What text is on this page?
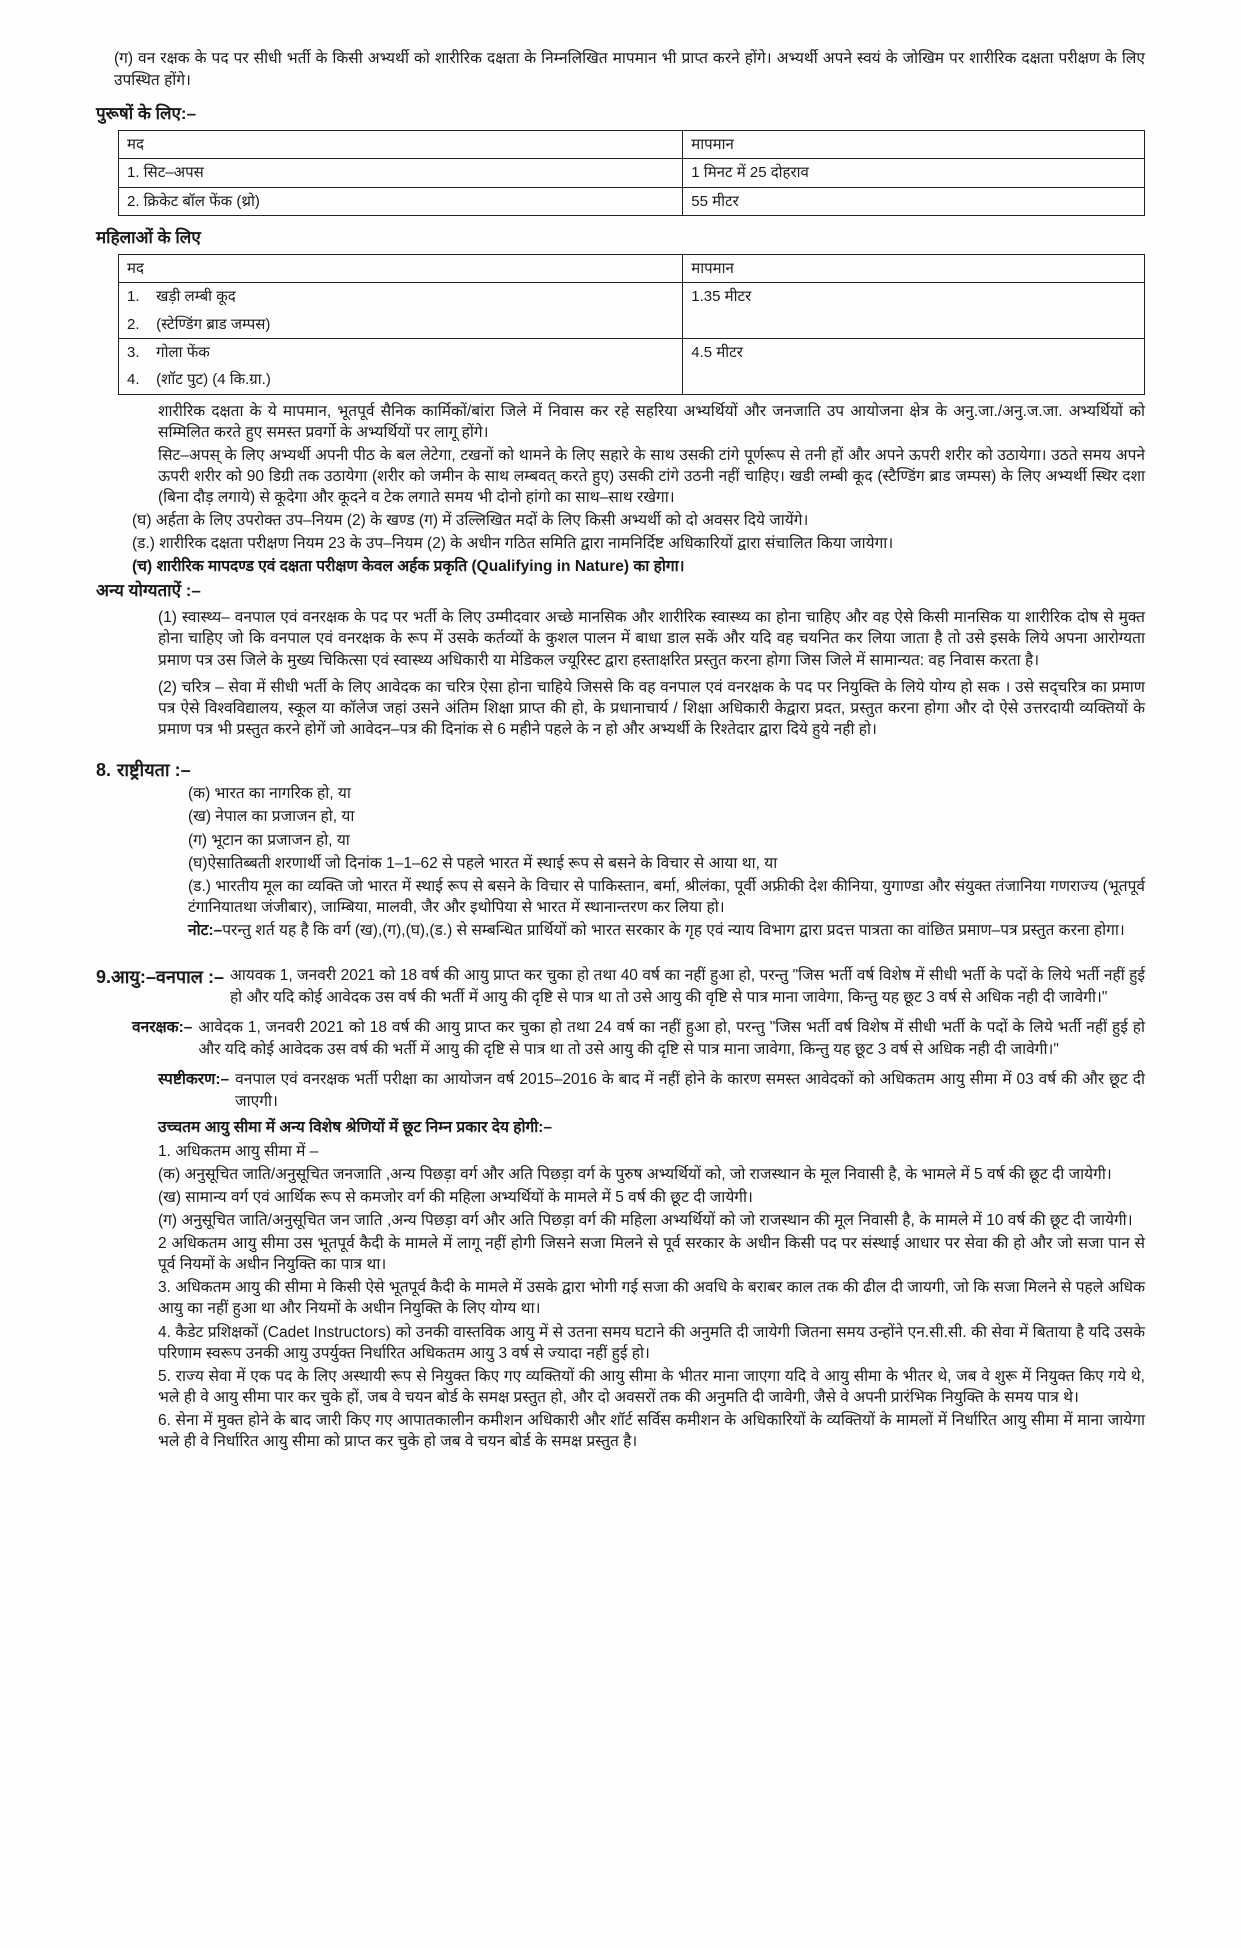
(ग) वन रक्षक के पद पर सीधी भर्ती के किसी अभ्यर्थी को शारीरिक दक्षता के निम्नलिखित मापमान भी प्राप्त करने होंगे। अभ्यर्थी अपने स्वयं के जोखिम पर शारीरिक दक्षता परीक्षण के लिए उपस्थित होंगे।

पुरूषों के लिए:–
मद	मापमान
1. सिट–अपस	1 मिनट में 25 दोहराव
2. क्रिकेट बॉल फेंक (थ्रो)	55 मीटर
महिलाओं के लिए
मद	मापमान
1.    खड़ी लम्बी कूद	1.35 मीटर
2.    (स्टेण्डिंग ब्राड जम्पस)	
3.    गोला फेंक	4.5 मीटर
4.    (शॉट पुट) (4 कि.ग्रा.)	

शारीरिक दक्षता के ये मापमान, भूतपूर्व सैनिक कार्मिकों/बांरा जिले में निवास कर रहे सहरिया अभ्यर्थियों और जनजाति उप आयोजना क्षेत्र के अनु.जा./अनु.ज.जा. अभ्यर्थियों को सम्मिलित करते हुए समस्त प्रवर्गो के अभ्यर्थियों पर लागू होंगे।

सिट–अपस् के लिए अभ्यर्थी अपनी पीठ के बल लेटेगा, टखनों को थामने के लिए सहारे के साथ उसकी टांगे पूर्णरूप से तनी हों और अपने ऊपरी शरीर को उठायेगा। उठते समय अपने ऊपरी शरीर को 90 डिग्री तक उठायेगा (शरीर को जमीन के साथ लम्बवत् करते हुए) उसकी टांगे उठनी नहीं चाहिए। खडी लम्बी कूद (स्टैण्डिंग ब्राड जम्पस) के लिए अभ्यर्थी स्थिर दशा (बिना दौड़ लगाये) से कूदेगा और कूदने व टेक लगाते समय भी दोनो हांगो का साथ–साथ रखेगा।

(घ) अर्हता के लिए उपरोक्त उप–नियम (2) के खण्ड (ग) में उल्लिखित मदों के लिए किसी अभ्यर्थी को दो अवसर दिये जायेंगे।

(ड.) शारीरिक दक्षता परीक्षण नियम 23 के उप–नियम (2) के अधीन गठित समिति द्वारा नामनिर्दिष्ट अधिकारियों द्वारा संचालित किया जायेगा।

(च) शारीरिक मापदण्ड एवं दक्षता परीक्षण केवल अर्हक प्रकृति (Qualifying in Nature) का होगा।

अन्य योग्यताऐं :–

(1) स्वास्थ्य– वनपाल एवं वनरक्षक के पद पर भर्ती के लिए उम्मीदवार अच्छे मानसिक और शारीरिक स्वास्थ्य का होना चाहिए और वह ऐसे किसी मानसिक या शारीरिक दोष से मुक्त होना चाहिए जो कि वनपाल एवं वनरक्षक के रूप में उसके कर्तव्यों के कुशल पालन में बाधा डाल सकें और यदि वह चयनित कर लिया जाता है तो उसे इसके लिये अपना आरोग्यता प्रमाण पत्र उस जिले के मुख्य चिकित्सा एवं स्वास्थ्य अधिकारी या मेडिकल ज्यूरिस्ट द्वारा हस्ताक्षरित प्रस्तुत करना होगा जिस जिले में सामान्यत: वह निवास करता है।

(2) चरित्र – सेवा में सीधी भर्ती के लिए आवेदक का चरित्र ऐसा होना चाहिये जिससे कि वह वनपाल एवं वनरक्षक के पद पर नियुक्ति के लिये योग्य हो सक । उसे सद्चरित्र का प्रमाण पत्र ऐसे विश्वविद्यालय, स्कूल या कॉलेज जहां उसने अंतिम शिक्षा प्राप्त की हो, के प्रधानाचार्य / शिक्षा अधिकारी केद्वारा प्रदत, प्रस्तुत करना होगा और दो ऐसे उत्तरदायी व्यक्तियों के प्रमाण पत्र भी प्रस्तुत करने होगें जो आवेदन–पत्र की दिनांक से 6 महीने पहले के न हो और अभ्यर्थी के रिश्तेदार द्वारा दिये हुये नही हो।

8. राष्ट्रीयता :–

(क) भारत का नागरिक हो, या

(ख) नेपाल का प्रजाजन हो, या

(ग) भूटान का प्रजाजन हो, या

(घ)ऐसातिब्बती शरणार्थी जो दिनांक 1–1–62 से पहले भारत में स्थाई रूप से बसने के विचार से आया था, या

(ड.) भारतीय मूल का व्यक्ति जो भारत में स्थाई रूप से बसने के विचार से पाकिस्तान, बर्मा, श्रीलंका, पूर्वी अफ्रीकी देश कीनिया, युगाण्डा और संयुक्त तंजानिया गणराज्य (भूतपूर्व टंगानियातथा जंजीबार), जाम्बिया, मालवी, जैर और इथोपिया से भारत में स्थानान्तरण कर लिया हो।

नोट:–परन्तु शर्त यह है कि वर्ग (ख),(ग),(घ),(ड.) से सम्बन्धित प्रार्थियों को भारत सरकार के गृह एवं न्याय विभाग द्वारा प्रदत्त पात्रता का वांछित प्रमाण–पत्र प्रस्तुत करना होगा।

9. आयु:–वनपाल :– आयवक 1, जनवरी 2021 को 18 वर्ष की आयु प्राप्त कर चुका हो तथा 40 वर्ष का नहीं हुआ हो, परन्तु "जिस भर्ती वर्ष विशेष में सीधी भर्ती के पदों के लिये भर्ती नहीं हुई हो और यदि कोई आवेदक उस वर्ष की भर्ती में आयु की दृष्टि से पात्र था तो उसे आयु की वृष्टि से पात्र माना जावेगा, किन्तु यह छूट 3 वर्ष से अधिक नही दी जावेगी।"
वनरक्षक:– आवेदक 1, जनवरी 2021 को 18 वर्ष की आयु प्राप्त कर चुका हो तथा 24 वर्ष का नहीं हुआ हो, परन्तु "जिस भर्ती वर्ष विशेष में सीधी भर्ती के पदों के लिये भर्ती नहीं हुई हो और यदि कोई आवेदक उस वर्ष की भर्ती में आयु की दृष्टि से पात्र था तो उसे आयु की दृष्टि से पात्र माना जावेगा, किन्तु यह छूट 3 वर्ष से अधिक नही दी जावेगी।"
स्पष्टीकरण:– वनपाल एवं वनरक्षक भर्ती परीक्षा का आयोजन वर्ष 2015–2016 के बाद में नहीं होने के कारण समस्त आवेदकों को अधिकतम आयु सीमा में 03 वर्ष की और छूट दी जाएगी।

उच्चतम आयु सीमा में अन्य विशेष श्रेणियों में छूट निम्न प्रकार देय होगी:–

1. अधिकतम आयु सीमा में –

(क) अनुसूचित जाति/अनुसूचित जनजाति ,अन्य पिछड़ा वर्ग और अति पिछड़ा वर्ग के पुरुष अभ्यर्थियों को, जो राजस्थान के मूल निवासी है, के भामले में 5 वर्ष की छूट दी जायेगी।

(ख) सामान्य वर्ग एवं आर्थिक रूप से कमजोर वर्ग की महिला अभ्यर्थियों के मामले में 5 वर्ष की छूट दी जायेगी।

(ग) अनुसूचित जाति/अनुसूचित जन जाति ,अन्य पिछड़ा वर्ग और अति पिछड़ा वर्ग की महिला अभ्यर्थियों को जो राजस्थान की मूल निवासी है, के मामले में 10 वर्ष की छूट दी जायेगी।

2 अधिकतम आयु सीमा उस भूतपूर्व कैदी के मामले में लागू नहीं होगी जिसने सजा मिलने से पूर्व सरकार के अधीन किसी पद पर संस्थाई आधार पर सेवा की हो और जो सजा पान से पूर्व नियमों के अधीन नियुक्ति का पात्र था।

3. अधिकतम आयु की सीमा मे किसी ऐसे भूतपूर्व कैदी के मामले में उसके द्वारा भोगी गई सजा की अवधि के बराबर काल तक की ढील दी जायगी, जो कि सजा मिलने से पहले अधिक आयु का नहीं हुआ था और नियमों के अधीन नियुक्ति के लिए योग्य था।

4. कैडेट प्रशिक्षकों (Cadet Instructors) को उनकी वास्तविक आयु में से उतना समय घटाने की अनुमति दी जायेगी जितना समय उन्होंने एन.सी.सी. की सेवा में बिताया है यदि उसके परिणाम स्वरूप उनकी आयु उपर्युक्त निर्धारित अधिकतम आयु 3 वर्ष से ज्यादा नहीं हुई हो।

5. राज्य सेवा में एक पद के लिए अस्थायी रूप से नियुक्त किए गए व्यक्तियों की आयु सीमा के भीतर माना जाएगा यदि वे आयु सीमा के भीतर थे, जब वे शुरू में नियुक्त किए गये थे, भले ही वे आयु सीमा पार कर चुके हों, जब वे चयन बोर्ड के समक्ष प्रस्तुत हो, और दो अवसरों तक की अनुमति दी जावेगी, जैसे वे अपनी प्रारंभिक नियुक्ति के समय पात्र थे।

6. सेना में मुक्त होने के बाद जारी किए गए आपातकालीन कमीशन अधिकारी और शॉर्ट सर्विस कमीशन के अधिकारियों के व्यक्तियों के मामलों में निर्धारित आयु सीमा में माना जायेगा भले ही वे निर्धारित आयु सीमा को प्राप्त कर चुके हो जब वे चयन बोर्ड के समक्ष प्रस्तुत है।
